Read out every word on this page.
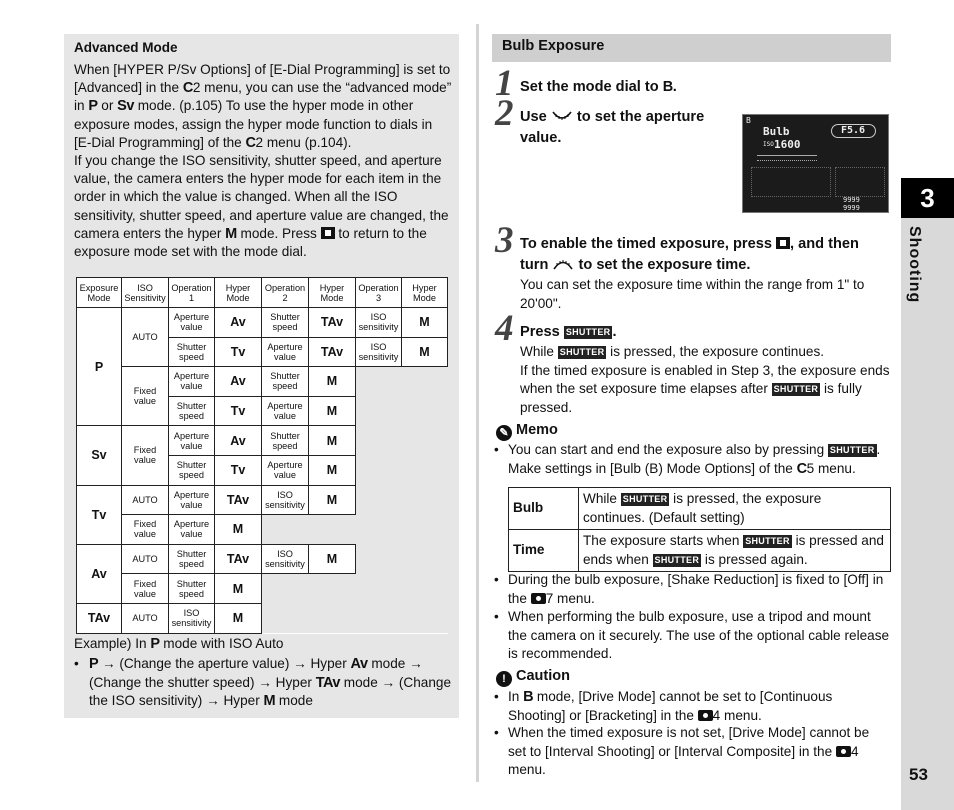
Advanced Mode

When [HYPER P/Sv Options] of [E-Dial Programming] is set to [Advanced] in the C2 menu, you can use the “advanced mode” in P or Sv mode. (p.105) To use the hyper mode in other exposure modes, assign the hyper mode function to dials in [E-Dial Programming] of the C2 menu (p.104).

If you change the ISO sensitivity, shutter speed, and aperture value, the camera enters the hyper mode for each item in the order in which the value is changed. When all the ISO sensitivity, shutter speed, and aperture value are changed, the camera enters the hyper M mode. Press  to return to the exposure mode set with the mode dial.

Exposure Mode	ISO Sensitivity	Operation 1	Hyper Mode	Operation 2	Hyper Mode	Operation 3	Hyper Mode
P	AUTO	Aperture value	Av	Shutter speed	TAv	ISO sensitivity	M
		Shutter speed	Tv	Aperture value	TAv	ISO sensitivity	M
	Fixed value	Aperture value	Av	Shutter speed	M		
		Shutter speed	Tv	Aperture value	M		
Sv	Fixed value	Aperture value	Av	Shutter speed	M		
		Shutter speed	Tv	Aperture value	M		
Tv	AUTO	Aperture value	TAv	ISO sensitivity	M		
	Fixed value	Aperture value	M				
Av	AUTO	Shutter speed	TAv	ISO sensitivity	M		
	Fixed value	Shutter speed	M				
TAv	AUTO	ISO sensitivity	M				
Example) In P mode with ISO Auto
• P → (Change the aperture value) → Hyper Av mode → (Change the shutter speed) → Hyper TAv mode → (Change the ISO sensitivity) → Hyper M mode
Bulb Exposure
1 Set the mode dial to B.
2 Use  to set the aperture value.
B
Bulb	F5.6
ISO 1600
9999
9999
3 To enable the timed exposure, press , and then turn  to set the exposure time.
You can set the exposure time within the range from 1" to 20'00".
4 Press SHUTTER .
While SHUTTER is pressed, the exposure continues.
If the timed exposure is enabled in Step 3, the exposure ends when the set exposure time elapses after SHUTTER is fully pressed.
✎ Memo
• You can start and end the exposure also by pressing SHUTTER . Make settings in [Bulb (B) Mode Options] of the C5 menu.
Bulb	While SHUTTER is pressed, the exposure continues. (Default setting)
Time	The exposure starts when SHUTTER is pressed and ends when SHUTTER is pressed again.
• During the bulb exposure, [Shake Reduction] is fixed to [Off] in the 7 menu.
• When performing the bulb exposure, use a tripod and mount the camera on it securely. The use of the optional cable release is recommended.
! Caution
• In B mode, [Drive Mode] cannot be set to [Continuous Shooting] or [Bracketing] in the 4 menu.
• When the timed exposure is not set, [Drive Mode] cannot be set to [Interval Shooting] or [Interval Composite] in the 4 menu.
3
Shooting
53
